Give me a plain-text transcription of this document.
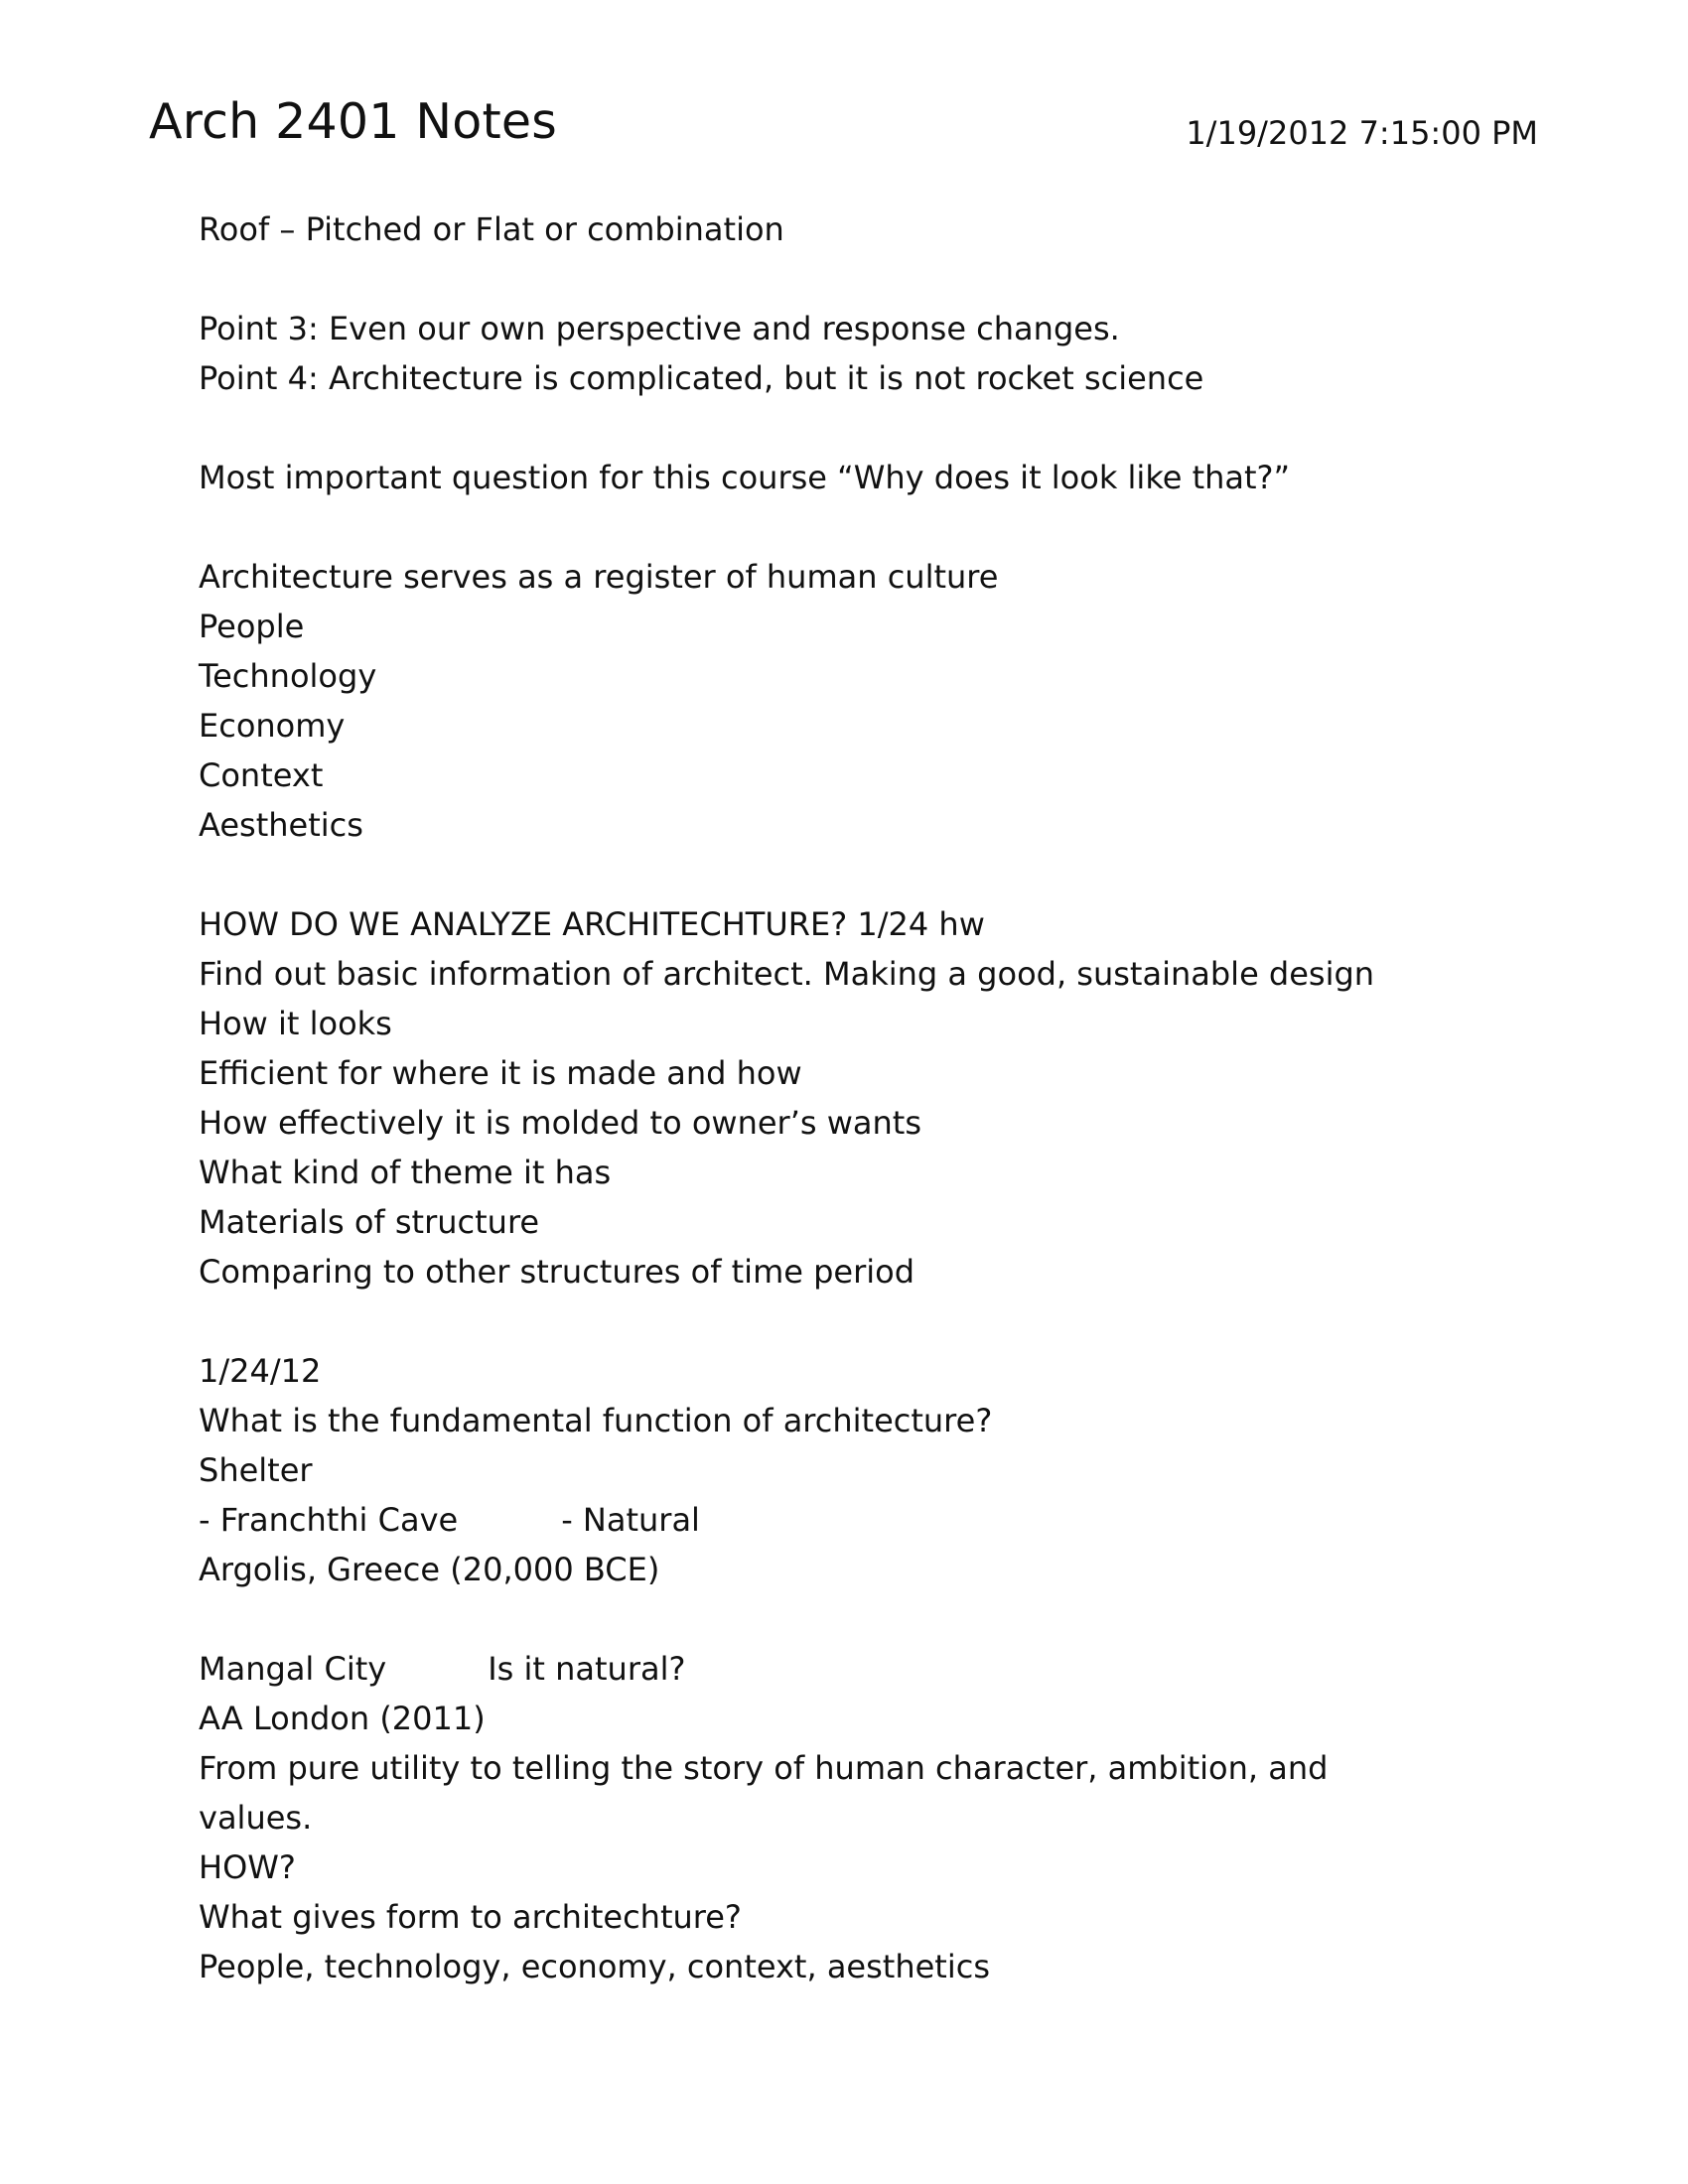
Arch 2401 Notes	1/19/2012 7:15:00 PM
Roof – Pitched or Flat or combination
Point 3: Even our own perspective and response changes.
Point 4: Architecture is complicated, but it is not rocket science
Most important question for this course “Why does it look like that?”
Architecture serves as a register of human culture
People
Technology
Economy
Context
Aesthetics
HOW DO WE ANALYZE ARCHITECHTURE? 1/24 hw
Find out basic information of architect. Making a good, sustainable design
How it looks
Efficient for where it is made and how
How effectively it is molded to owner’s wants
What kind of theme it has
Materials of structure
Comparing to other structures of time period
1/24/12
What is the fundamental function of architecture?
Shelter
- Franchthi Cave	- Natural
Argolis, Greece (20,000 BCE)
Mangal City	Is it natural?
AA London (2011)
From pure utility to telling the story of human character, ambition, and
values.
HOW?
What gives form to architechture?
People, technology, economy, context, aesthetics
